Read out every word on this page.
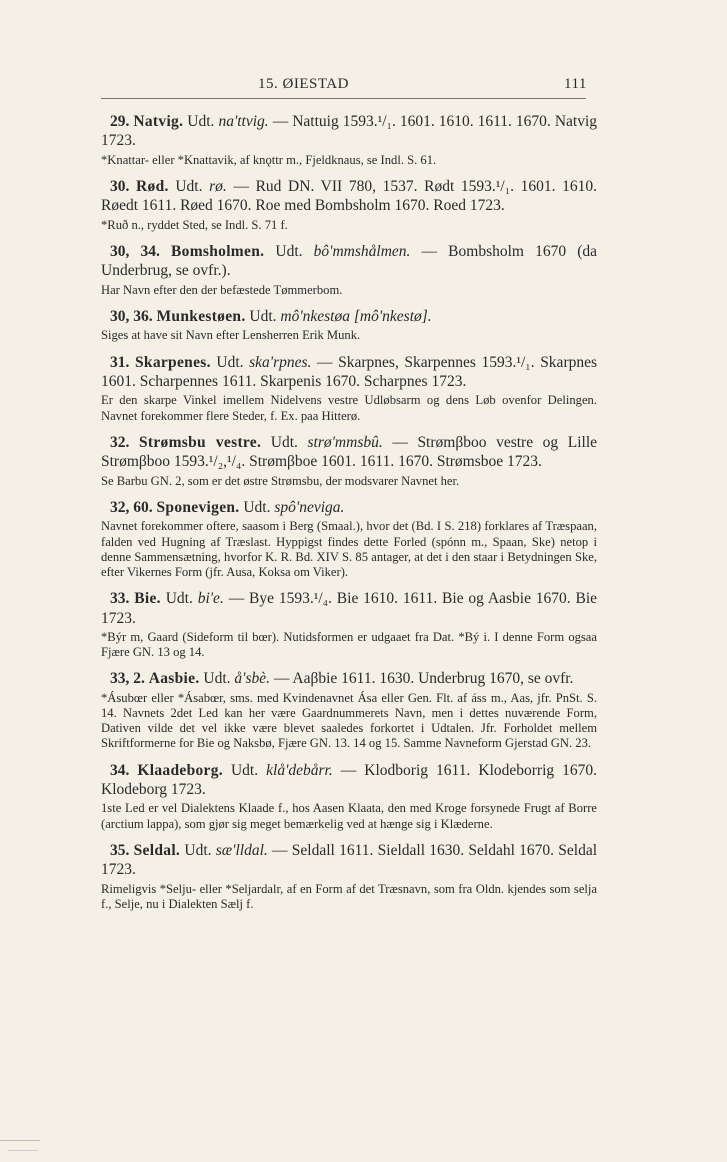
15. ØIESTAD	111

29. Natvig. Udt. na'ttvig. — Nattuig 1593.¹/₁. 1601. 1610. 1611. 1670. Natvig 1723.

*Knattar- eller *Knattavik, af knǫttr m., Fjeldknaus, se Indl. S. 61.

30. Rød. Udt. rø. — Rud DN. VII 780, 1537. Rødt 1593.¹/₁. 1601. 1610. Røedt 1611. Røed 1670. Roe med Bombsholm 1670. Roed 1723.

*Ruð n., ryddet Sted, se Indl. S. 71 f.

30, 34. Bomsholmen. Udt. bô'mmshålmen. — Bombsholm 1670 (da Underbrug, se ovfr.).

Har Navn efter den der befæstede Tømmerbom.

30, 36. Munkestøen. Udt. mô'nkestøa [mô'nkestø].

Siges at have sit Navn efter Lensherren Erik Munk.

31. Skarpenes. Udt. ska'rpnes. — Skarpnes, Skarpennes 1593.¹/₁. Skarpnes 1601. Scharpennes 1611. Skarpenis 1670. Scharpnes 1723.

Er den skarpe Vinkel imellem Nidelvens vestre Udløbsarm og dens Løb ovenfor Delingen. Navnet forekommer flere Steder, f. Ex. paa Hitterø.

32. Strømsbu vestre. Udt. strø'mmsbû. — Strømβboo vestre og Lille Strømβboo 1593.¹/₂,¹/₄. Strømβboe 1601. 1611. 1670. Strømsboe 1723.

Se Barbu GN. 2, som er det østre Strømsbu, der modsvarer Navnet her.

32, 60. Sponevigen. Udt. spô'neviga.

Navnet forekommer oftere, saasom i Berg (Smaal.), hvor det (Bd. I S. 218) forklares af Træspaan, falden ved Hugning af Træslast. Hyppigst findes dette Forled (spónn m., Spaan, Ske) netop i denne Sammensætning, hvorfor K. R. Bd. XIV S. 85 antager, at det i den staar i Betydningen Ske, efter Vikernes Form (jfr. Ausa, Koksa om Viker).

33. Bie. Udt. bi'e. — Bye 1593.¹/₄. Bie 1610. 1611. Bie og Aasbie 1670. Bie 1723.

*Býr m, Gaard (Sideform til bœr). Nutidsformen er udgaaet fra Dat. *Bý i. I denne Form ogsaa Fjære GN. 13 og 14.

33, 2. Aasbie. Udt. å'sbè. — Aaβbie 1611. 1630. Underbrug 1670, se ovfr.

*Ásubœr eller *Ásabœr, sms. med Kvindenavnet Ása eller Gen. Flt. af áss m., Aas, jfr. PnSt. S. 14. Navnets 2det Led kan her være Gaardnummerets Navn, men i dettes nuværende Form, Dativen vilde det vel ikke være blevet saaledes forkortet i Udtalen. Jfr. Forholdet mellem Skriftformerne for Bie og Naksbø, Fjære GN. 13. 14 og 15. Samme Navneform Gjerstad GN. 23.

34. Klaadeborg. Udt. klå'debårr. — Klodborig 1611. Klodeborrig 1670. Klodeborg 1723.

1ste Led er vel Dialektens Klaade f., hos Aasen Klaata, den med Kroge forsynede Frugt af Borre (arctium lappa), som gjør sig meget bemærkelig ved at hænge sig i Klæderne.

35. Seldal. Udt. sæ'lldal. — Seldall 1611. Sieldall 1630. Seldahl 1670. Seldal 1723.

Rimeligvis *Selju- eller *Seljardalr, af en Form af det Træsnavn, som fra Oldn. kjendes som selja f., Selje, nu i Dialekten Sælj f.
